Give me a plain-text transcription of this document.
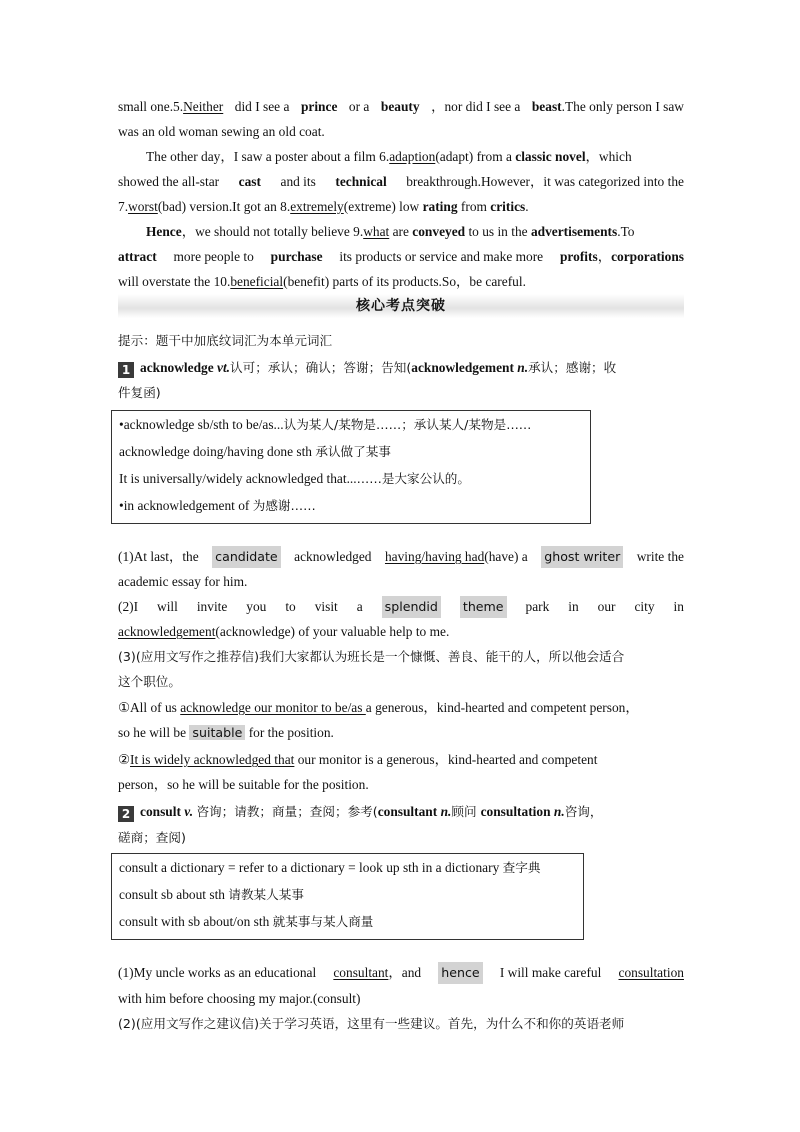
small one.5.Neither did I see a prince or a beauty ，nor did I see a beast.The only person I saw
was an old woman sewing an old coat.
The other day，I saw a poster about a film 6.adaption(adapt) from a classic novel，which
showed the all-star cast and its technical breakthrough.However，it was categorized into the
7.worst(bad) version.It got an 8.extremely(extreme) low rating from critics.
Hence，we should not totally believe 9.what are conveyed to us in the advertisements.To
attract more people to purchase its products or service and make more profits，corporations
will overstate the 10.beneficial(benefit) parts of its products.So，be careful.
核心考点突破
提示：题干中加底纹词汇为本单元词汇
1 acknowledge vt.认可；承认；确认；答谢；告知(acknowledgement n.承认；感谢；收
件复函)
•acknowledge sb/sth to be/as...认为某人/某物是……；承认某人/某物是……
acknowledge doing/having done sth 承认做了某事
It is universally/widely acknowledged that...……是大家公认的。
•in acknowledgement of 为感谢……
(1)At last，the candidate acknowledged having/having had(have) a ghost writer write the
academic essay for him.
(2)I will invite you to visit a splendid theme park in our city in
acknowledgement(acknowledge) of your valuable help to me.
(3)(应用文写作之推荐信)我们大家都认为班长是一个慷慨、善良、能干的人，所以他会适合
这个职位。
①All of us acknowledge our monitor to be/as a generous，kind-hearted and competent person，
so he will be suitable for the position.
②It is widely acknowledged that our monitor is a generous，kind-hearted and competent
person，so he will be suitable for the position.
2 consult v. 咨询；请教；商量；查阅；参考(consultant n.顾问 consultation n.咨询，
磋商；查阅)
consult a dictionary = refer to a dictionary = look up sth in a dictionary 查字典
consult sb about sth 请教某人某事
consult with sb about/on sth 就某事与某人商量
(1)My uncle works as an educational consultant，and hence I will make careful consultation
with him before choosing my major.(consult)
(2)(应用文写作之建议信)关于学习英语，这里有一些建议。首先，为什么不和你的英语老师
